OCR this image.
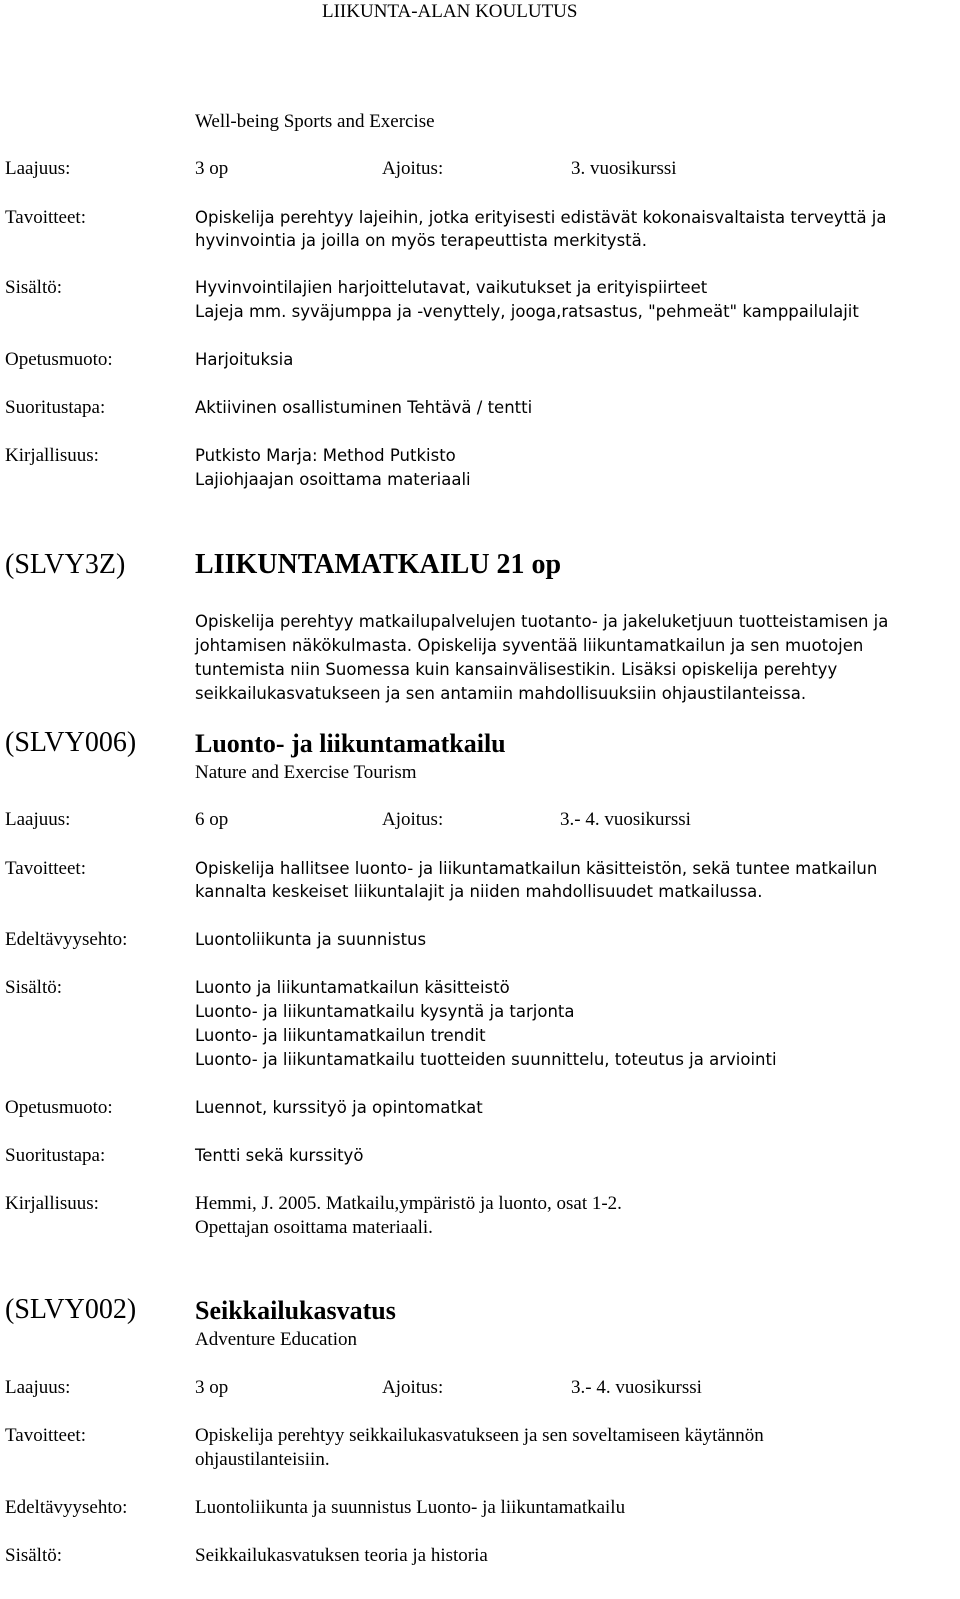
LIIKUNTA-ALAN KOULUTUS
Well-being Sports and Exercise
Laajuus:	3 op	Ajoitus:	3. vuosikurssi
Tavoitteet:	Opiskelija perehtyy lajeihin, jotka erityisesti edistävät kokonaisvaltaista terveyttä ja
hyvinvointia ja joilla on myös terapeuttista merkitystä.
Sisältö:	Hyvinvointilajien harjoittelutavat, vaikutukset ja erityispiirteet
Lajeja mm. syväjumppa ja -venyttely, jooga,ratsastus, "pehmeät" kamppailulajit
Opetusmuoto:	Harjoituksia
Suoritustapa:	Aktiivinen osallistuminen Tehtävä / tentti
Kirjallisuus:	Putkisto Marja: Method Putkisto
Lajiohjaajan osoittama materiaali
(SLVY3Z) LIIKUNTAMATKAILU 21 op
Opiskelija perehtyy matkailupalvelujen tuotanto- ja jakeluketjuun tuotteistamisen ja
johtamisen näkökulmasta. Opiskelija syventää liikuntamatkailun ja sen muotojen
tuntemista niin Suomessa kuin kansainvälisestikin. Lisäksi opiskelija perehtyy
seikkailukasvatukseen ja sen antamiin mahdollisuuksiin ohjaustilanteissa.
(SLVY006) Luonto- ja liikuntamatkailu
Nature and Exercise Tourism
Laajuus:	6 op	Ajoitus:	3.- 4. vuosikurssi
Tavoitteet:	Opiskelija hallitsee luonto- ja liikuntamatkailun käsitteistön, sekä tuntee matkailun
kannalta keskeiset liikuntalajit ja niiden mahdollisuudet matkailussa.
Edeltävyysehto:	Luontoliikunta ja suunnistus
Sisältö:	Luonto ja liikuntamatkailun käsitteistö
Luonto- ja liikuntamatkailu kysyntä ja tarjonta
Luonto- ja liikuntamatkailun trendit
Luonto- ja liikuntamatkailu tuotteiden suunnittelu, toteutus ja arviointi
Opetusmuoto:	Luennot, kurssityö ja opintomatkat
Suoritustapa:	Tentti sekä kurssityö
Kirjallisuus:	Hemmi, J. 2005. Matkailu,ympäristö ja luonto, osat 1-2.
Opettajan osoittama materiaali.
(SLVY002) Seikkailukasvatus
Adventure Education
Laajuus:	3 op	Ajoitus:	3.- 4. vuosikurssi
Tavoitteet:	Opiskelija perehtyy seikkailukasvatukseen ja sen soveltamiseen käytännön
ohjaustilanteisiin.
Edeltävyysehto:	Luontoliikunta ja suunnistus Luonto- ja liikuntamatkailu
Sisältö:	Seikkailukasvatuksen teoria ja historia
